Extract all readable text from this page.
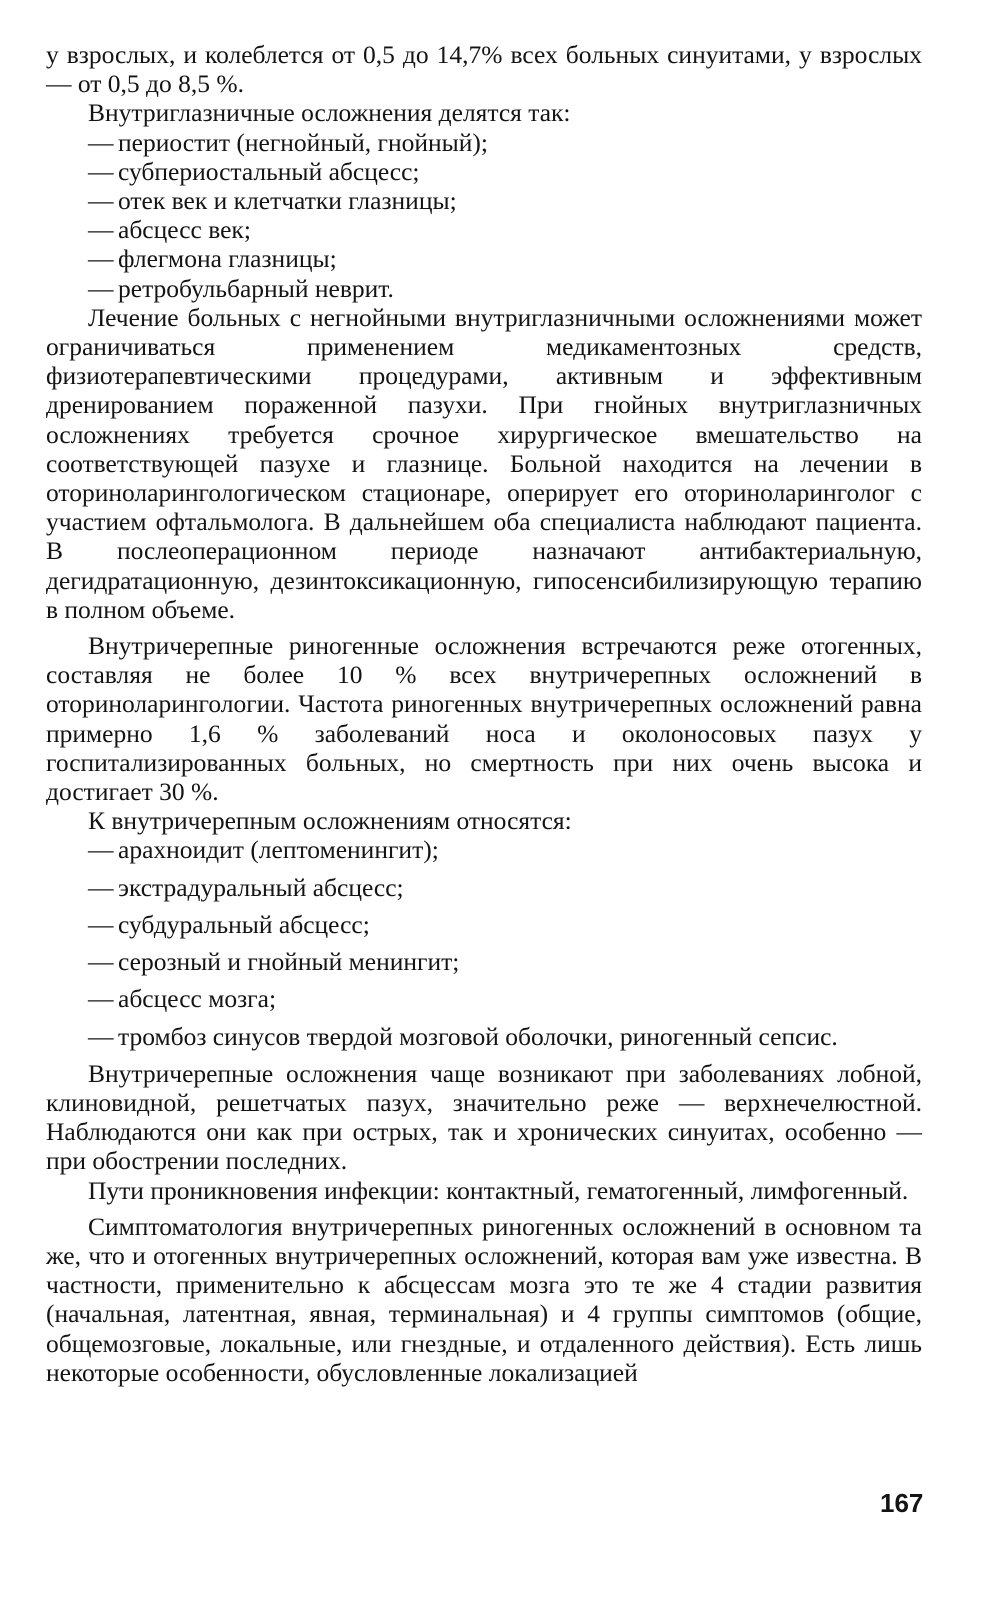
у взрослых, и колеблется от 0,5 до 14,7% всех больных синуитами, у взрослых — от 0,5 до 8,5 %.

Внутриглазничные осложнения делятся так:

— периостит (негнойный, гнойный);
— субпериостальный абсцесс;
— отек век и клетчатки глазницы;
— абсцесс век;
— флегмона глазницы;
— ретробульбарный неврит.

Лечение больных с негнойными внутриглазничными осложнениями может ограничиваться применением медикаментозных средств, физиотерапевтическими процедурами, активным и эффективным дренированием пораженной пазухи. При гнойных внутриглазничных осложнениях требуется срочное хирургическое вмешательство на соответствующей пазухе и глазнице. Больной находится на лечении в оториноларингологическом стационаре, оперирует его оториноларинголог с участием офтальмолога. В дальнейшем оба специалиста наблюдают пациента. В послеоперационном периоде назначают антибактериальную, дегидратационную, дезинтоксикационную, гипосенсибилизирующую терапию в полном объеме.

Внутричерепные риногенные осложнения встречаются реже отогенных, составляя не более 10 % всех внутричерепных осложнений в оториноларингологии. Частота риногенных внутричерепных осложнений равна примерно 1,6 % заболеваний носа и околоносовых пазух у госпитализированных больных, но смертность при них очень высока и достигает 30 %.

К внутричерепным осложнениям относятся:

— арахноидит (лептоменингит);
— экстрадуральный абсцесс;
— субдуральный абсцесс;
— серозный и гнойный менингит;
— абсцесс мозга;
— тромбоз синусов твердой мозговой оболочки, риногенный сепсис.

Внутричерепные осложнения чаще возникают при заболеваниях лобной, клиновидной, решетчатых пазух, значительно реже — верхнечелюстной. Наблюдаются они как при острых, так и хронических синуитах, особенно — при обострении последних.

Пути проникновения инфекции: контактный, гематогенный, лимфогенный.

Симптоматология внутричерепных риногенных осложнений в основном та же, что и отогенных внутричерепных осложнений, которая вам уже известна. В частности, применительно к абсцессам мозга это те же 4 стадии развития (начальная, латентная, явная, терминальная) и 4 группы симптомов (общие, общемозговые, локальные, или гнездные, и отдаленного действия). Есть лишь некоторые особенности, обусловленные локализацией

167
